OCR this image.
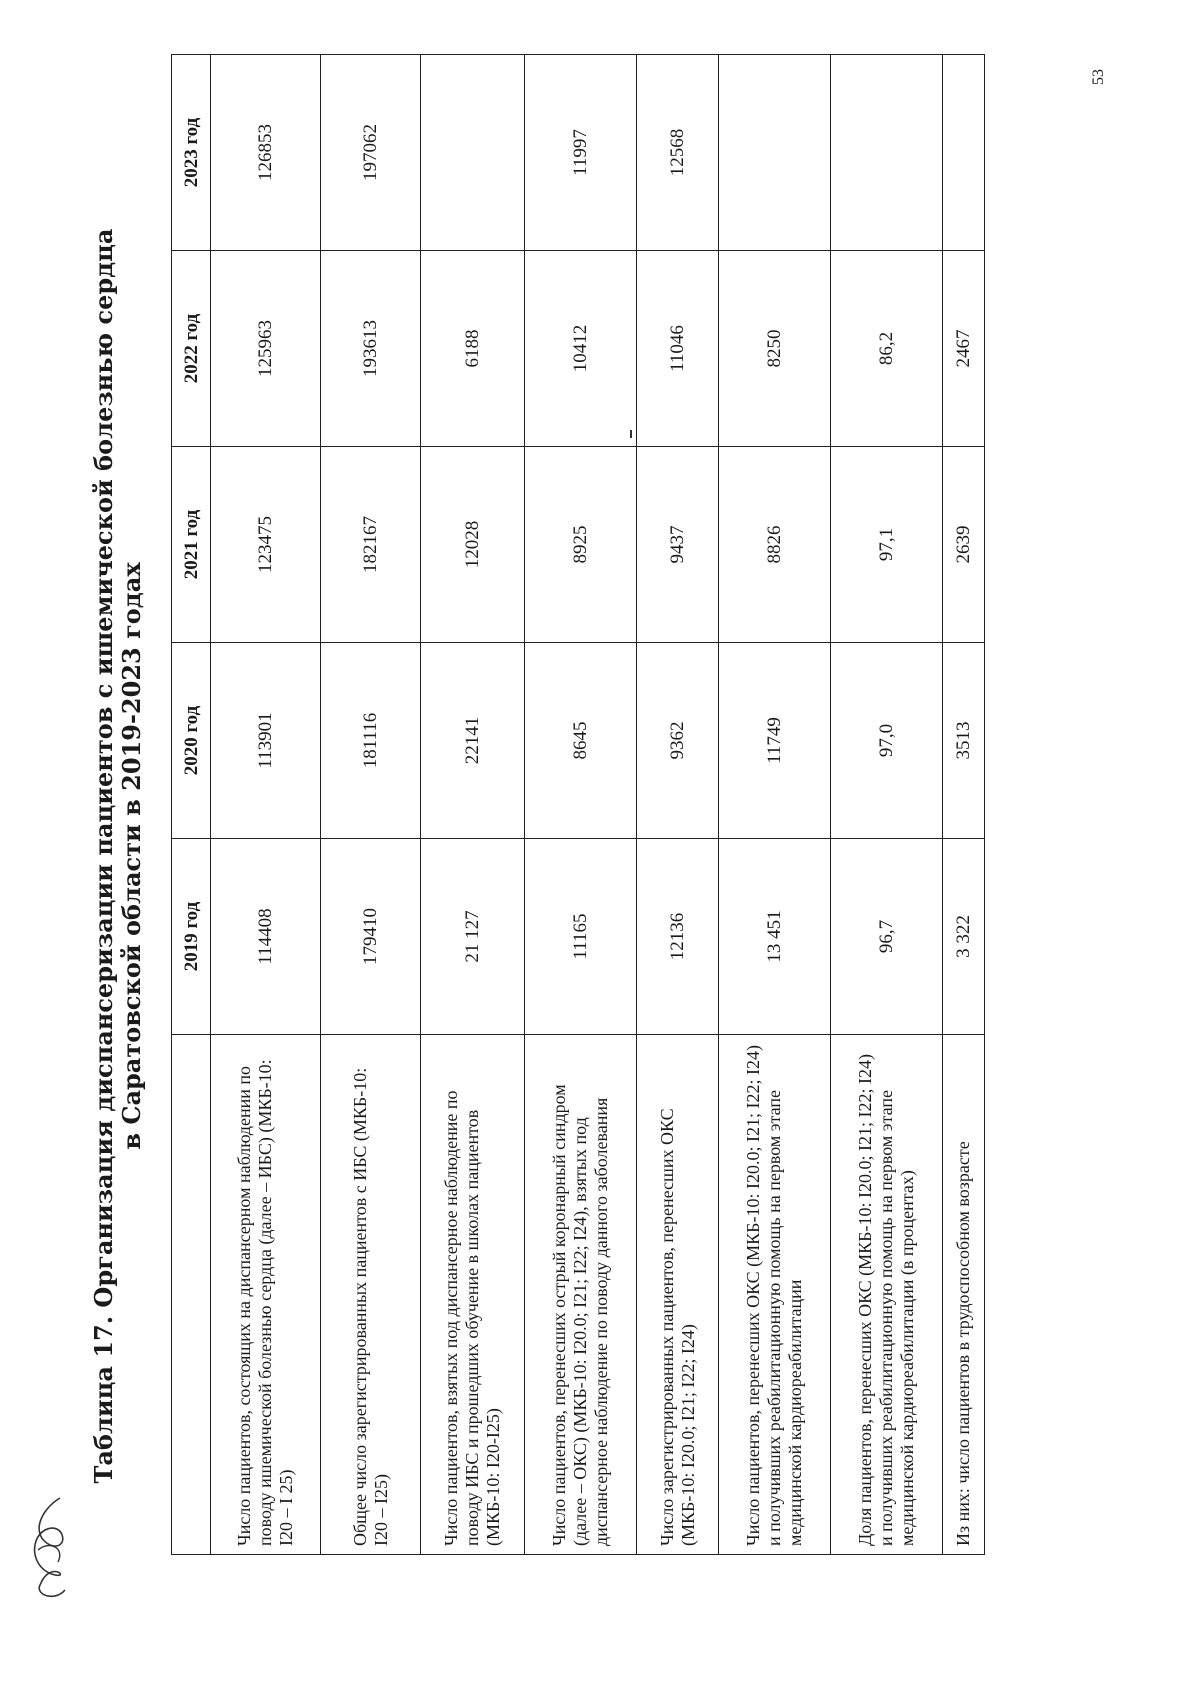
Таблица 17. Организация диспансеризации пациентов с ишемической болезнью сердца в Саратовской области в 2019-2023 годах
	2019 год	2020 год	2021 год	2022 год	2023 год
Число пациентов, состоящих на диспансерном наблюдении по поводу ишемической болезнью сердца (далее – ИБС) (МКБ-10: I20 – I 25)	114408	113901	123475	125963	126853
Общее число зарегистрированных пациентов с ИБС (МКБ-10: I20 – I25)	179410	181116	182167	193613	197062
Число пациентов, взятых под диспансерное наблюдение по поводу ИБС и прошедших обучение в школах пациентов (МКБ-10: I20-I25)	21 127	22141	12028	6188	
Число пациентов, перенесших острый коронарный синдром (далее – ОКС) (МКБ-10: I20.0; I21; I22; I24), взятых под диспансерное наблюдение по поводу данного заболевания	11165	8645	8925	10412	11997
Число зарегистрированных пациентов, перенесших ОКС (МКБ-10: I20.0; I21; I22; I24)	12136	9362	9437	11046	12568
Число пациентов, перенесших ОКС (МКБ-10: I20.0; I21; I22; I24) и получивших реабилитационную помощь на первом этапе медицинской кардиореабилитации	13 451	11749	8826	8250	
Доля пациентов, перенесших ОКС (МКБ-10: I20.0; I21; I22; I24) и получивших реабилитационную помощь на первом этапе медицинской кардиореабилитации (в процентах)	96,7	97,0	97,1	86,2	
Из них: число пациентов в трудоспособном возрасте	3 322	3513	2639	2467	
53
